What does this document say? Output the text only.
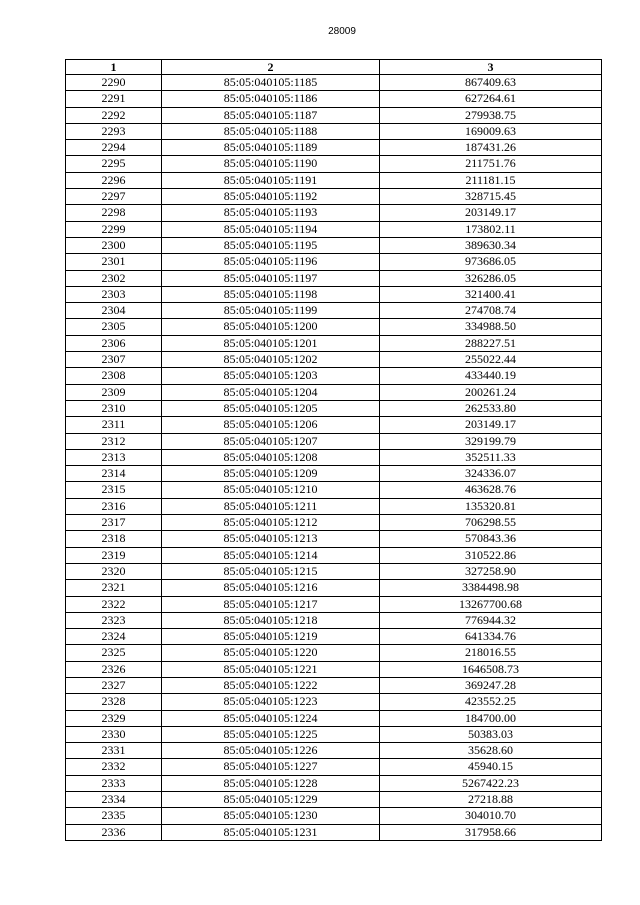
28009
1	2	3
2290	85:05:040105:1185	867409.63
2291	85:05:040105:1186	627264.61
2292	85:05:040105:1187	279938.75
2293	85:05:040105:1188	169009.63
2294	85:05:040105:1189	187431.26
2295	85:05:040105:1190	211751.76
2296	85:05:040105:1191	211181.15
2297	85:05:040105:1192	328715.45
2298	85:05:040105:1193	203149.17
2299	85:05:040105:1194	173802.11
2300	85:05:040105:1195	389630.34
2301	85:05:040105:1196	973686.05
2302	85:05:040105:1197	326286.05
2303	85:05:040105:1198	321400.41
2304	85:05:040105:1199	274708.74
2305	85:05:040105:1200	334988.50
2306	85:05:040105:1201	288227.51
2307	85:05:040105:1202	255022.44
2308	85:05:040105:1203	433440.19
2309	85:05:040105:1204	200261.24
2310	85:05:040105:1205	262533.80
2311	85:05:040105:1206	203149.17
2312	85:05:040105:1207	329199.79
2313	85:05:040105:1208	352511.33
2314	85:05:040105:1209	324336.07
2315	85:05:040105:1210	463628.76
2316	85:05:040105:1211	135320.81
2317	85:05:040105:1212	706298.55
2318	85:05:040105:1213	570843.36
2319	85:05:040105:1214	310522.86
2320	85:05:040105:1215	327258.90
2321	85:05:040105:1216	3384498.98
2322	85:05:040105:1217	13267700.68
2323	85:05:040105:1218	776944.32
2324	85:05:040105:1219	641334.76
2325	85:05:040105:1220	218016.55
2326	85:05:040105:1221	1646508.73
2327	85:05:040105:1222	369247.28
2328	85:05:040105:1223	423552.25
2329	85:05:040105:1224	184700.00
2330	85:05:040105:1225	50383.03
2331	85:05:040105:1226	35628.60
2332	85:05:040105:1227	45940.15
2333	85:05:040105:1228	5267422.23
2334	85:05:040105:1229	27218.88
2335	85:05:040105:1230	304010.70
2336	85:05:040105:1231	317958.66
